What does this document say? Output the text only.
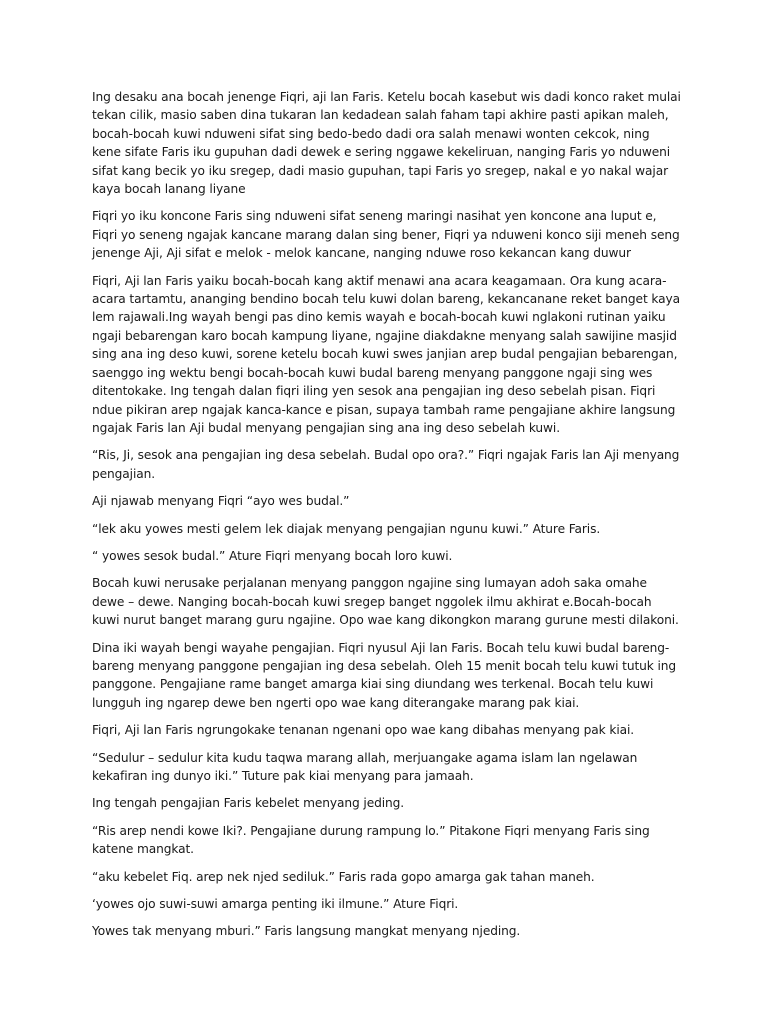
Ing desaku ana bocah jenenge Fiqri, aji lan Faris. Ketelu bocah kasebut wis dadi konco raket mulai tekan cilik, masio saben dina tukaran lan kedadean salah faham tapi akhire pasti apikan maleh, bocah-bocah kuwi nduweni sifat sing bedo-bedo dadi ora salah menawi wonten cekcok, ning kene sifate Faris iku gupuhan dadi dewek e sering nggawe kekeliruan, nanging Faris yo nduweni sifat kang becik yo iku sregep, dadi masio gupuhan, tapi Faris yo sregep, nakal e yo nakal wajar kaya bocah lanang liyane

Fiqri yo iku koncone Faris sing nduweni sifat seneng maringi nasihat yen koncone ana luput e, Fiqri yo seneng ngajak kancane marang dalan sing bener, Fiqri ya nduweni konco siji meneh seng jenenge Aji, Aji sifat e melok - melok kancane, nanging nduwe roso kekancan kang duwur

Fiqri, Aji lan Faris yaiku bocah-bocah kang aktif menawi ana acara keagamaan. Ora kung acara-acara tartamtu, ananging bendino bocah telu kuwi dolan bareng, kekancanane reket banget kaya lem rajawali.Ing wayah bengi pas dino kemis wayah e bocah-bocah kuwi nglakoni rutinan yaiku ngaji bebarengan karo bocah kampung liyane, ngajine diakdakne menyang salah sawijine masjid sing ana ing deso kuwi, sorene ketelu bocah kuwi swes janjian arep budal pengajian bebarengan, saenggo ing wektu bengi bocah-bocah kuwi budal bareng menyang panggone ngaji sing wes ditentokake. Ing tengah dalan fiqri iling yen sesok ana pengajian ing deso sebelah pisan. Fiqri ndue pikiran arep ngajak kanca-kance e pisan, supaya tambah rame pengajiane akhire langsung ngajak Faris lan Aji budal menyang pengajian sing ana ing deso sebelah kuwi.

“Ris, Ji, sesok ana pengajian ing desa sebelah. Budal opo ora?.” Fiqri ngajak Faris lan Aji menyang pengajian.

Aji njawab menyang Fiqri “ayo wes budal.”

“lek aku yowes mesti gelem lek diajak menyang pengajian ngunu kuwi.” Ature Faris.

“ yowes sesok budal.” Ature Fiqri menyang bocah loro kuwi.

Bocah kuwi nerusake perjalanan menyang panggon ngajine sing lumayan adoh saka omahe dewe – dewe. Nanging bocah-bocah kuwi sregep banget nggolek ilmu akhirat e.Bocah-bocah kuwi nurut banget marang guru ngajine. Opo wae kang dikongkon marang gurune mesti dilakoni.

Dina iki wayah bengi wayahe pengajian. Fiqri nyusul Aji lan Faris. Bocah telu kuwi budal bareng-bareng menyang panggone pengajian ing desa sebelah. Oleh 15 menit bocah telu kuwi tutuk ing panggone. Pengajiane rame banget amarga kiai sing diundang wes terkenal. Bocah telu kuwi lungguh ing ngarep dewe ben ngerti opo wae kang diterangake marang pak kiai.

Fiqri, Aji lan Faris ngrungokake tenanan ngenani opo wae kang dibahas menyang pak kiai.

“Sedulur – sedulur kita kudu taqwa marang allah, merjuangake agama islam lan ngelawan kekafiran ing dunyo iki.” Tuture pak kiai menyang para jamaah.

Ing tengah pengajian Faris kebelet menyang jeding.

“Ris arep nendi kowe Iki?. Pengajiane durung rampung lo.” Pitakone Fiqri menyang Faris sing katene mangkat.

“aku kebelet Fiq. arep nek njed sediluk.” Faris rada gopo amarga gak tahan maneh.

‘yowes ojo suwi-suwi amarga penting iki ilmune.” Ature Fiqri.

Yowes tak menyang mburi.” Faris langsung mangkat menyang njeding.
